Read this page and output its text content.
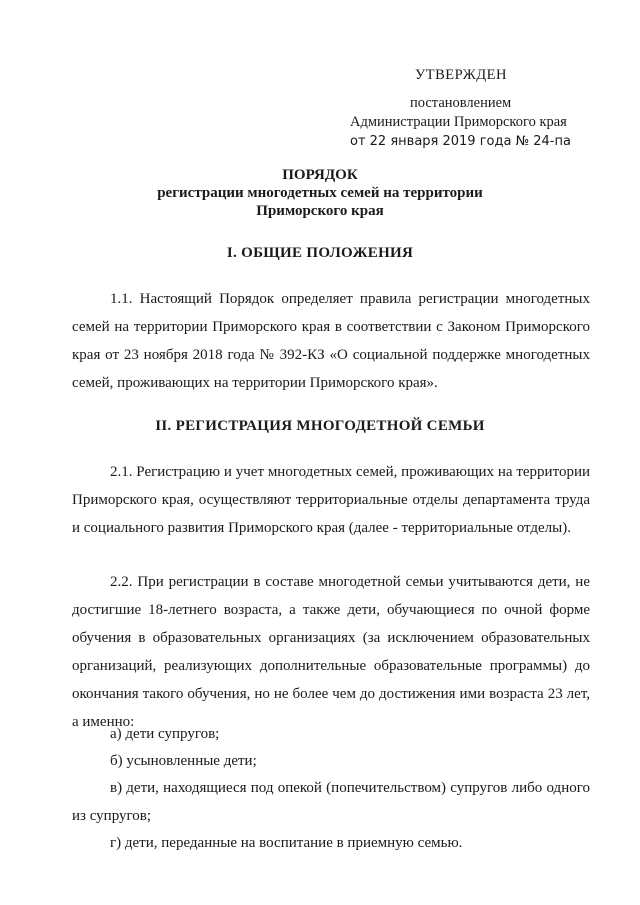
УТВЕРЖДЕН
постановлением
Администрации Приморского края
от 22 января 2019 года № 24-па
ПОРЯДОК
регистрации многодетных семей на территории
Приморского края
I. ОБЩИЕ ПОЛОЖЕНИЯ
1.1. Настоящий Порядок определяет правила регистрации многодетных семей на территории Приморского края в соответствии с Законом Приморского края от 23 ноября 2018 года № 392-КЗ «О социальной поддержке многодетных семей, проживающих на территории Приморского края».
II. РЕГИСТРАЦИЯ МНОГОДЕТНОЙ СЕМЬИ
2.1. Регистрацию и учет многодетных семей, проживающих на территории Приморского края, осуществляют территориальные отделы департамента труда и социального развития Приморского края (далее - территориальные отделы).
2.2. При регистрации в составе многодетной семьи учитываются дети, не достигшие 18-летнего возраста, а также дети, обучающиеся по очной форме обучения в образовательных организациях (за исключением образовательных организаций, реализующих дополнительные образовательные программы) до окончания такого обучения, но не более чем до достижения ими возраста 23 лет, а именно:
а) дети супругов;
б) усыновленные дети;
в) дети, находящиеся под опекой (попечительством) супругов либо одного из супругов;
г) дети, переданные на воспитание в приемную семью.
